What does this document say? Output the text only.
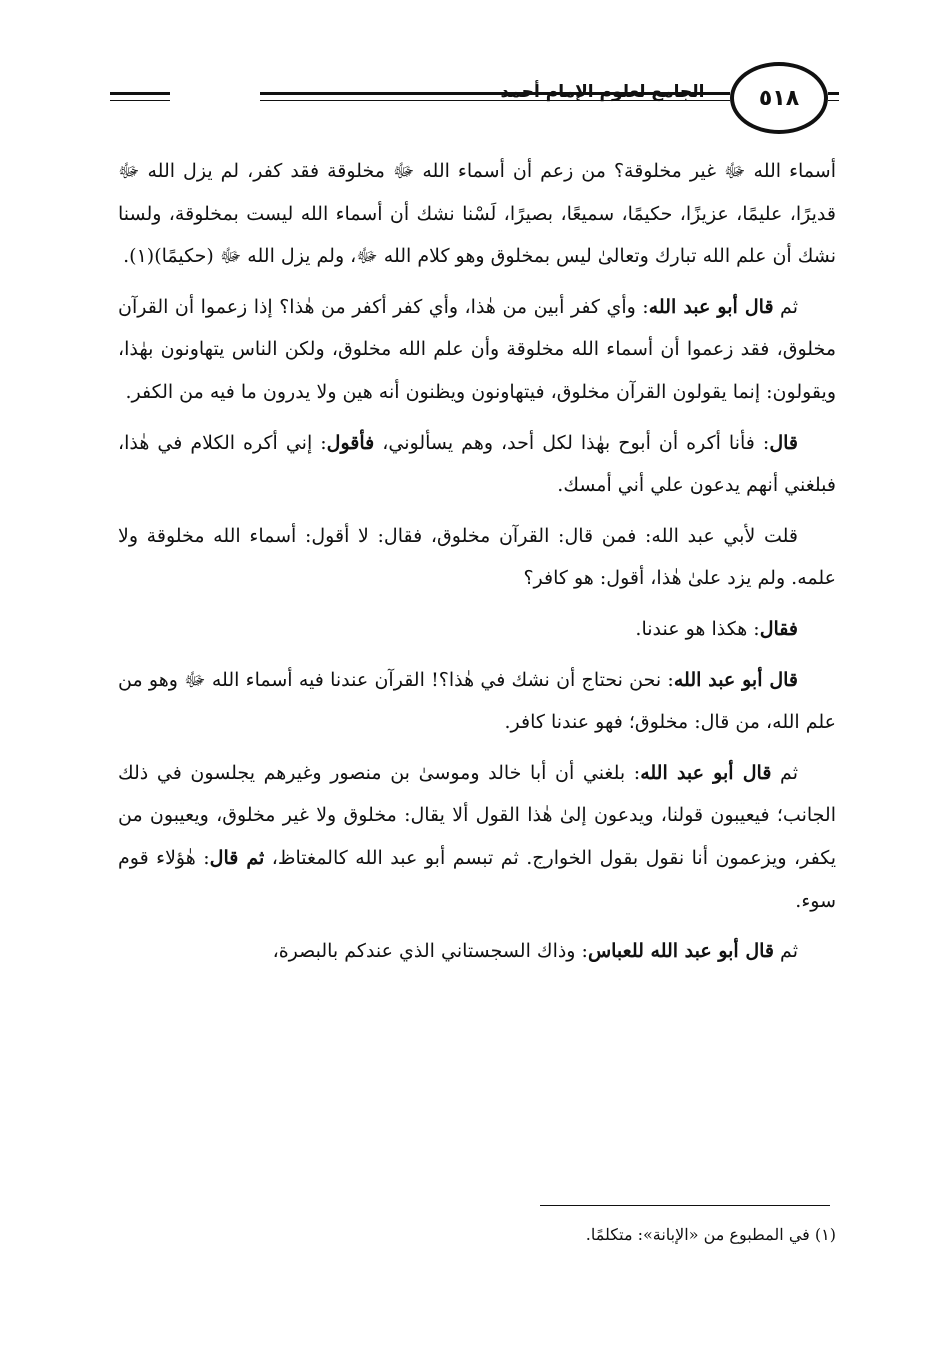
٥١٨

أسماء الله ﷻ غير مخلوقة؟ من زعم أن أسماء الله ﷻ مخلوقة فقد كفر، لم يزل الله ﷻ قديرًا، عليمًا، عزيزًا، حكيمًا، سميعًا، بصيرًا، لَسْنا نشك أن أسماء الله ليست بمخلوقة، ولسنا نشك أن علم الله تبارك وتعالىٰ ليس بمخلوق وهو كلام الله ﷻ، ولم يزل الله ﷻ (حكيمًا)(١).

ثم قال أبو عبد الله: وأي كفر أبين من هٰذا، وأي كفر أكفر من هٰذا؟ إذا زعموا أن القرآن مخلوق، فقد زعموا أن أسماء الله مخلوقة وأن علم الله مخلوق، ولكن الناس يتهاونون بهٰذا، ويقولون: إنما يقولون القرآن مخلوق، فيتهاونون ويظنون أنه هين ولا يدرون ما فيه من الكفر.

قال: فأنا أكره أن أبوح بهٰذا لكل أحد، وهم يسألوني، فأقول: إني أكره الكلام في هٰذا، فبلغني أنهم يدعون علي أني أمسك.

قلت لأبي عبد الله: فمن قال: القرآن مخلوق، فقال: لا أقول: أسماء الله مخلوقة ولا علمه. ولم يزد علىٰ هٰذا، أقول: هو كافر؟

فقال: هكذا هو عندنا.

قال أبو عبد الله: نحن نحتاج أن نشك في هٰذا؟! القرآن عندنا فيه أسماء الله ﷻ وهو من علم الله، من قال: مخلوق؛ فهو عندنا كافر.

ثم قال أبو عبد الله: بلغني أن أبا خالد وموسىٰ بن منصور وغيرهم يجلسون في ذلك الجانب؛ فيعيبون قولنا، ويدعون إلىٰ هٰذا القول ألا يقال: مخلوق ولا غير مخلوق، ويعيبون من يكفر، ويزعمون أنا نقول بقول الخوارج. ثم تبسم أبو عبد الله كالمغتاظ، ثم قال: هٰؤلاء قوم سوء.

ثم قال أبو عبد الله للعباس: وذاك السجستاني الذي عندكم بالبصرة،

(١) في المطبوع من «الإبانة»: متكلمًا.
